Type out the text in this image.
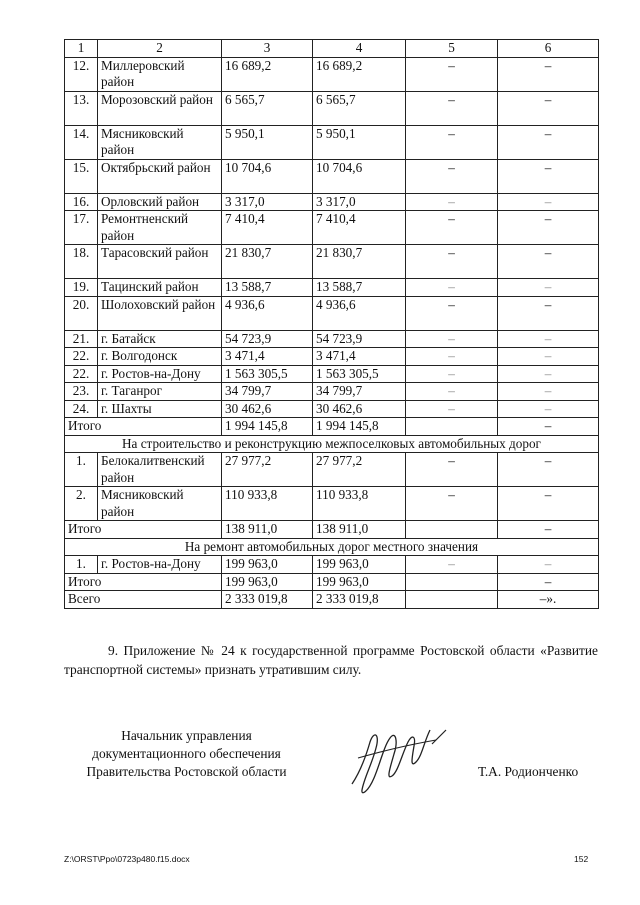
1	2	3	4	5	6
12.	Миллеровский район	16 689,2	16 689,2	–	–
13.	Морозовский район	6 565,7	6 565,7	–	–
14.	Мясниковский район	5 950,1	5 950,1	–	–
15.	Октябрьский район	10 704,6	10 704,6	–	–
16.	Орловский район	3 317,0	3 317,0	–	–
17.	Ремонтненский район	7 410,4	7 410,4	–	–
18.	Тарасовский район	21 830,7	21 830,7	–	–
19.	Тацинский район	13 588,7	13 588,7	–	–
20.	Шолоховский район	4 936,6	4 936,6	–	–
21.	г. Батайск	54 723,9	54 723,9	–	–
22.	г. Волгодонск	3 471,4	3 471,4	–	–
22.	г. Ростов-на-Дону	1 563 305,5	1 563 305,5	–	–
23.	г. Таганрог	34 799,7	34 799,7	–	–
24.	г. Шахты	30 462,6	30 462,6	–	–
Итого		1 994 145,8	1 994 145,8		–
На строительство и реконструкцию межпоселковых автомобильных дорог					
1.	Белокалитвенский район	27 977,2	27 977,2	–	–
2.	Мясниковский район	110 933,8	110 933,8	–	–
Итого		138 911,0	138 911,0		–
На ремонт автомобильных дорог местного значения					
1.	г. Ростов-на-Дону	199 963,0	199 963,0	–	–
Итого		199 963,0	199 963,0		–
Всего		2 333 019,8	2 333 019,8		–».
9. Приложение № 24 к государственной программе Ростовской области «Развитие транспортной системы» признать утратившим силу.
Начальник управления
документационного обеспечения
Правительства Ростовской области	Т.А. Родионченко
Z:\ORST\Ppo\0723p480.f15.docx	152
